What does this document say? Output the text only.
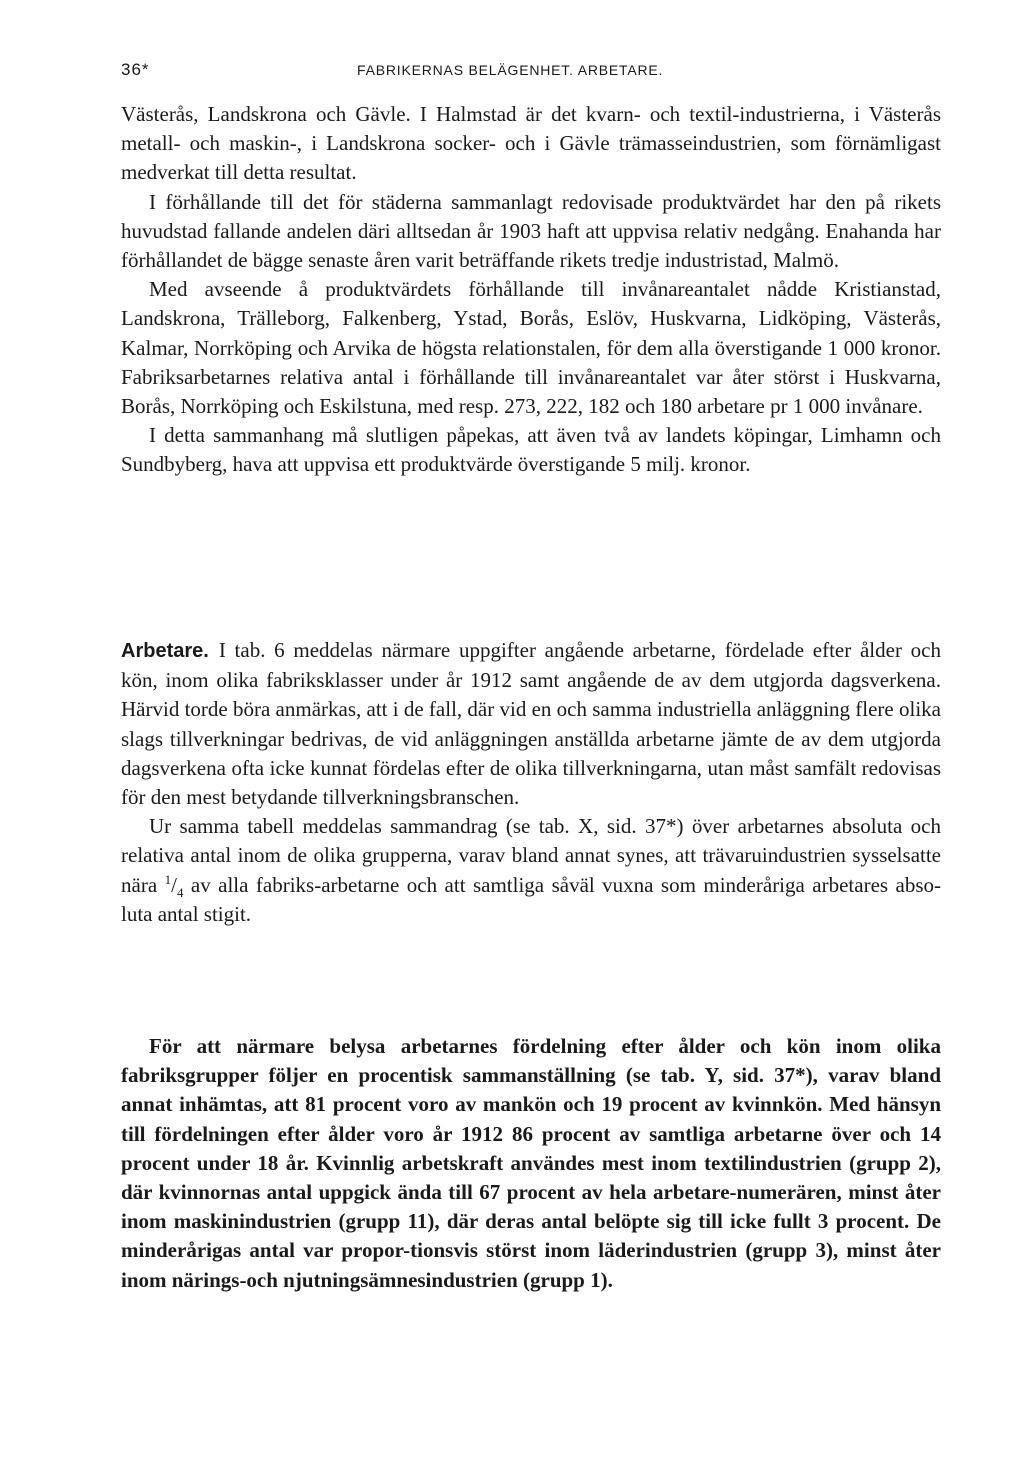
36*	FABRIKERNAS BELÄGENHET. ARBETARE.

Västerås, Landskrona och Gävle. I Halmstad är det kvarn- och textil-industrierna, i Västerås metall- och maskin-, i Landskrona socker- och i Gävle trämasseindustrien, som förnämligast medverkat till detta resultat.

I förhållande till det för städerna sammanlagt redovisade produktvärdet har den på rikets huvudstad fallande andelen däri alltsedan år 1903 haft att uppvisa relativ nedgång. Enahanda har förhållandet de bägge senaste åren varit beträffande rikets tredje industristad, Malmö.

Med avseende å produktvärdets förhållande till invånareantalet nådde Kristianstad, Landskrona, Trälleborg, Falkenberg, Ystad, Borås, Eslöv, Huskvarna, Lidköping, Västerås, Kalmar, Norrköping och Arvika de högsta relationstalen, för dem alla överstigande 1 000 kronor. Fabriksarbetarnes relativa antal i förhållande till invånareantalet var åter störst i Huskvarna, Borås, Norrköping och Eskilstuna, med resp. 273, 222, 182 och 180 arbetare pr 1 000 invånare.

I detta sammanhang må slutligen påpekas, att även två av landets köpingar, Limhamn och Sundbyberg, hava att uppvisa ett produktvärde överstigande 5 milj. kronor.

Arbetare. I tab. 6 meddelas närmare uppgifter angående arbetarne, fördelade efter ålder och kön, inom olika fabriksklasser under år 1912 samt angående de av dem utgjorda dagsverkena. Härvid torde böra anmärkas, att i de fall, där vid en och samma industriella anläggning flere olika slags tillverkningar bedrivas, de vid anläggningen anställda arbetarne jämte de av dem utgjorda dagsverkena ofta icke kunnat fördelas efter de olika tillverkningarna, utan måst samfält redovisas för den mest betydande tillverkningsbranschen.

Ur samma tabell meddelas sammandrag (se tab. X, sid. 37*) över arbetarnes absoluta och relativa antal inom de olika grupperna, varav bland annat synes, att trävaruindustrien sysselsatte nära $^1/_4$ av alla fabriks-arbetarne och att samtliga såväl vuxna som minderåriga arbetares abso-luta antal stigit.

För att närmare belysa arbetarnes fördelning efter ålder och kön inom olika fabriksgrupper följer en procentisk sammanställning (se tab. Y, sid. 37*), varav bland annat inhämtas, att 81 procent voro av mankön och 19 procent av kvinnkön. Med hänsyn till fördelningen efter ålder voro år 1912 86 procent av samtliga arbetarne över och 14 procent under 18 år. Kvinnlig arbetskraft användes mest inom textilindustrien (grupp 2), där kvinnornas antal uppgick ända till 67 procent av hela arbetare-numerären, minst åter inom maskinindustrien (grupp 11), där deras antal belöpte sig till icke fullt 3 procent. De minderårigas antal var propor-tionsvis störst inom läderindustrien (grupp 3), minst åter inom närings-och njutningsämnesindustrien (grupp 1).
